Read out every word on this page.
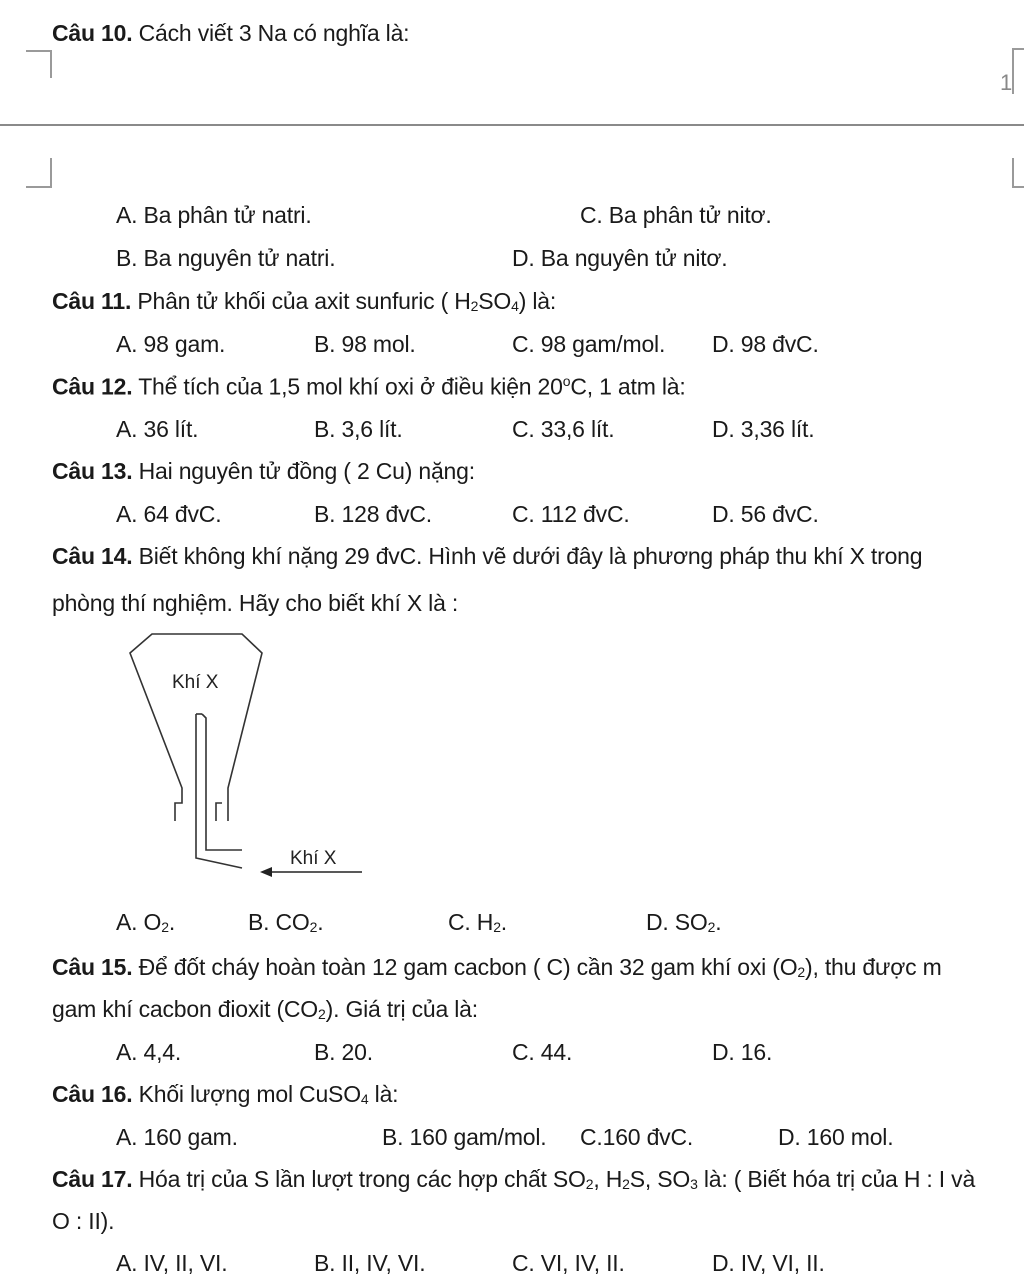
1
Câu 10. Cách viết 3 Na có nghĩa là:
A. Ba phân tử natri.	C. Ba phân tử nitơ.
B. Ba nguyên tử natri.	D. Ba nguyên tử nitơ.
Câu 11. Phân tử khối của axit sunfuric ( H2SO4) là:
A. 98 gam.	B. 98 mol.	C. 98 gam/mol. D. 98 đvC.
Câu 12. Thể tích của 1,5 mol khí oxi ở điều kiện 20$^o$C, 1 atm là:
A. 36 lít.	B. 3,6 lít.	C. 33,6 lít.	D. 3,36 lít.
Câu 13. Hai nguyên tử đồng ( 2 Cu) nặng:
A. 64 đvC.	B. 128 đvC.	C. 112 đvC.	D. 56 đvC.
Câu 14. Biết không khí nặng 29 đvC. Hình vẽ dưới đây là phương pháp thu khí X trong
phòng thí nghiệm. Hãy cho biết khí X là :
Khí X
Khí X
A. O2.	B. CO2.	C. H2.	D. SO2.
Câu 15. Để đốt cháy hoàn toàn 12 gam cacbon ( C) cần 32 gam khí oxi (O2), thu được m
gam khí cacbon đioxit (CO2). Giá trị của là:
A. 4,4.	B. 20.	C. 44.	D. 16.
Câu 16. Khối lượng mol CuSO4 là:
A. 160 gam.	B. 160 gam/mol. C.160 đvC.	D. 160 mol.
Câu 17. Hóa trị của S lần lượt trong các hợp chất SO2, H2S, SO3 là: ( Biết hóa trị của H : I và
O : II).
A. IV, II, VI.	B. II, IV, VI.	C. VI, IV, II.	D. IV, VI, II.
